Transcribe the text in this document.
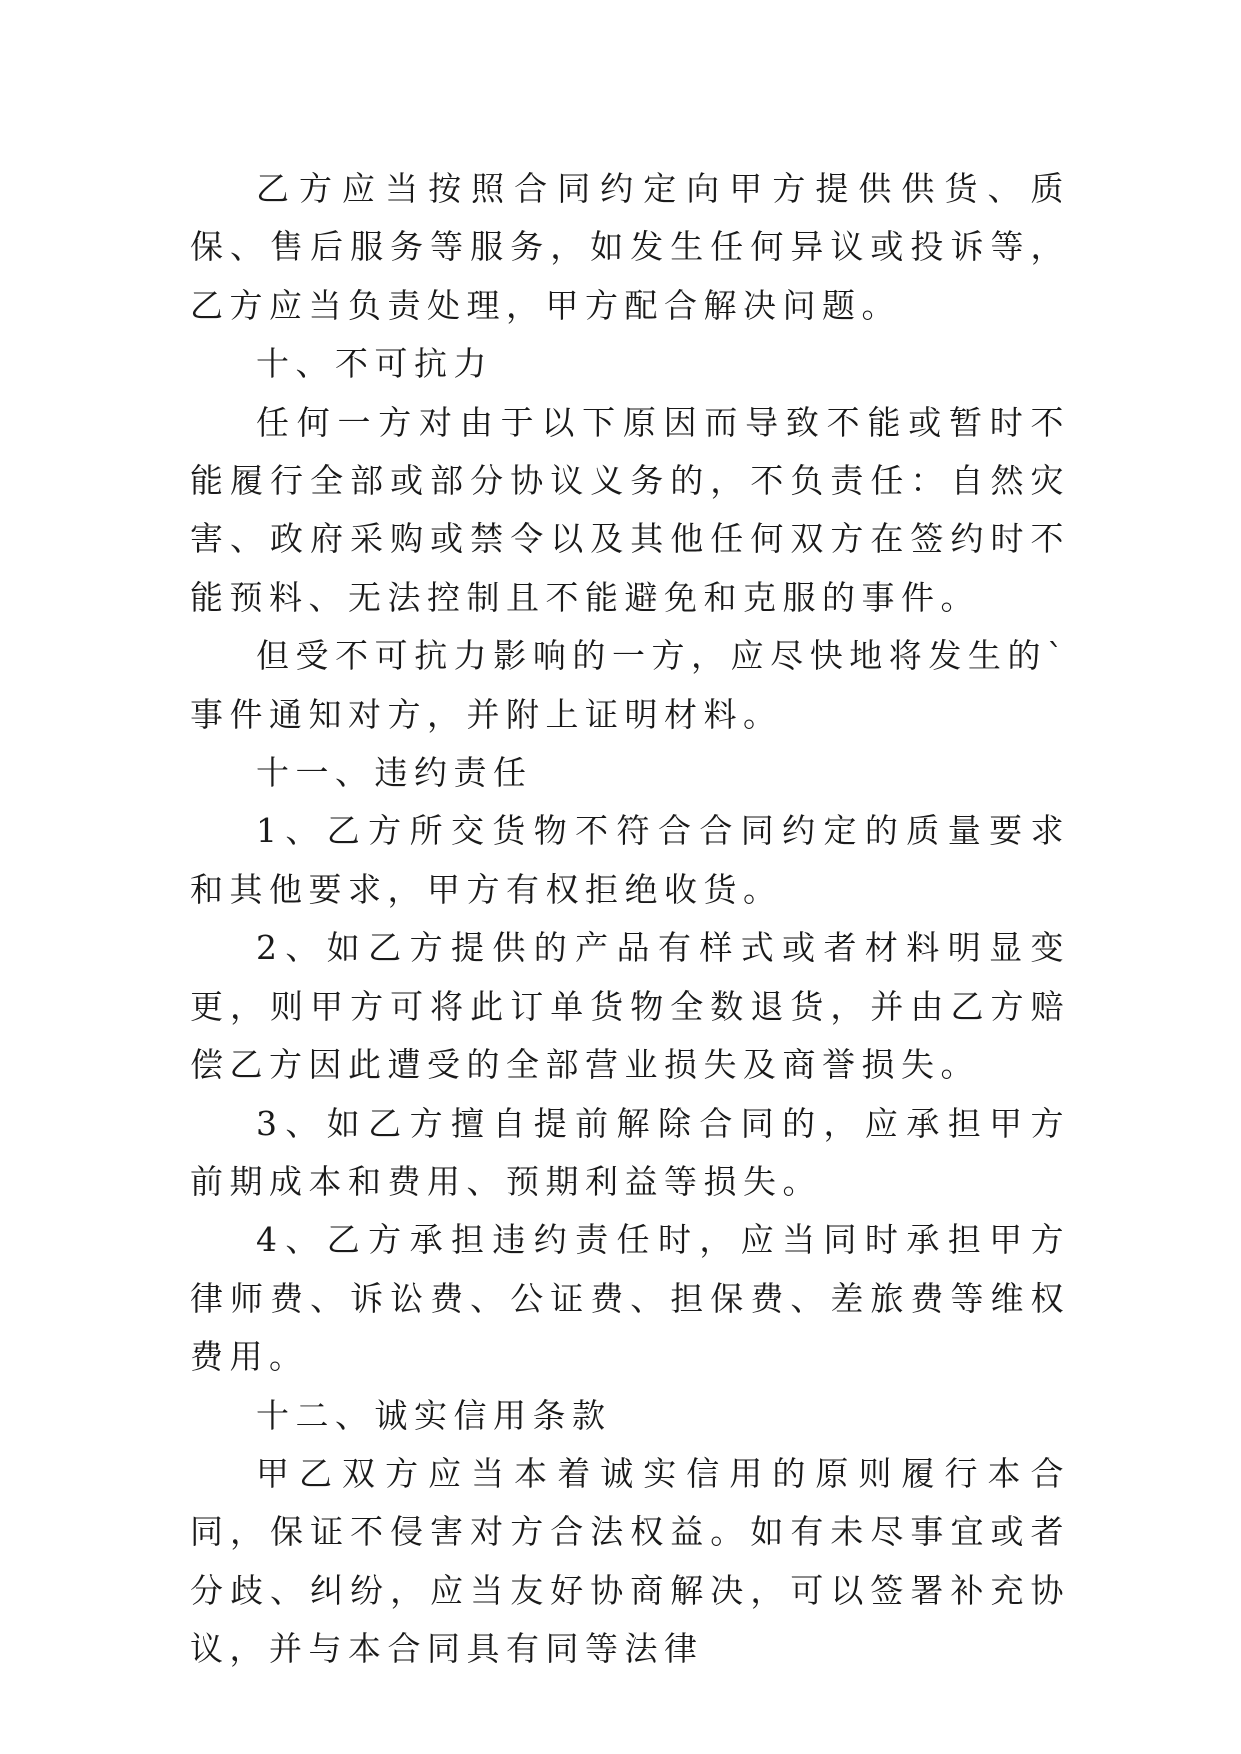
乙方应当按照合同约定向甲方提供供货、质保、售后服务等服务，如发生任何异议或投诉等，乙方应当负责处理，甲方配合解决问题。

十、不可抗力

任何一方对由于以下原因而导致不能或暂时不能履行全部或部分协议义务的，不负责任：自然灾害、政府采购或禁令以及其他任何双方在签约时不能预料、无法控制且不能避免和克服的事件。

但受不可抗力影响的一方，应尽快地将发生的`事件通知对方，并附上证明材料。

十一、违约责任

1、乙方所交货物不符合合同约定的质量要求和其他要求，甲方有权拒绝收货。

2、如乙方提供的产品有样式或者材料明显变更，则甲方可将此订单货物全数退货，并由乙方赔偿乙方因此遭受的全部营业损失及商誉损失。

3、如乙方擅自提前解除合同的，应承担甲方前期成本和费用、预期利益等损失。

4、乙方承担违约责任时，应当同时承担甲方律师费、诉讼费、公证费、担保费、差旅费等维权费用。

十二、诚实信用条款

甲乙双方应当本着诚实信用的原则履行本合同，保证不侵害对方合法权益。如有未尽事宜或者分歧、纠纷，应当友好协商解决，可以签署补充协议，并与本合同具有同等法律
